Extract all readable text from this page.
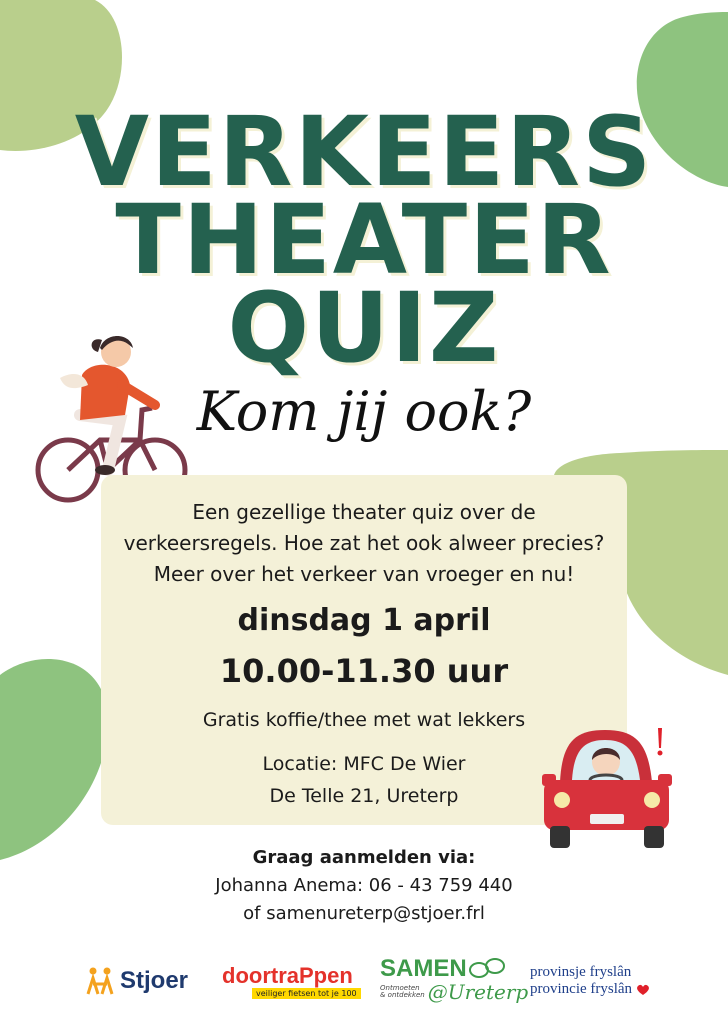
VERKEERS
THEATER
QUIZ
Kom jij ook?
Een gezellige theater quiz over de
verkeersregels. Hoe zat het ook alweer precies?
Meer over het verkeer van vroeger en nu!
dinsdag 1 april
10.00-11.30 uur
Gratis koffie/thee met wat lekkers
Locatie: MFC De Wier
De Telle 21, Ureterp
Graag aanmelden via:
Johanna Anema: 06 - 43 759 440
of samenureterp@stjoer.frl
Stjoer doortraPpen
veiliger fietsen tot je 100
SAMEN
Ontmoeten
& ontdekken @Ureterp
provinsje fryslân
provincie fryslân
